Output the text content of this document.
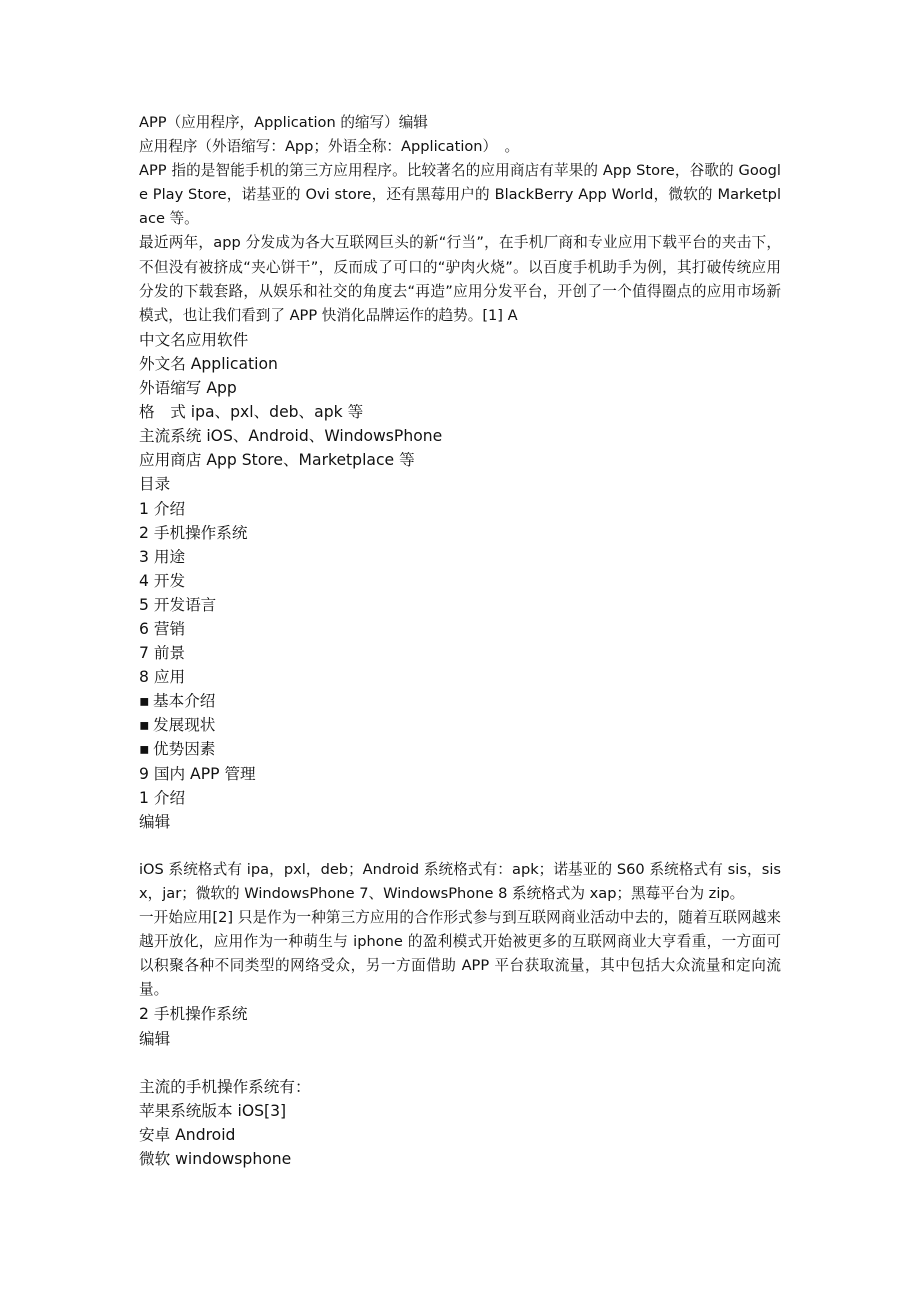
APP（应用程序，Application 的缩写）编辑

应用程序（外语缩写：App；外语全称：Application）　。

APP 指的是智能手机的第三方应用程序。比较著名的应用商店有苹果的 App Store，谷歌的 Google Play Store，诺基亚的 Ovi store，还有黑莓用户的 BlackBerry App World，微软的 Marketplace 等。

最近两年，app 分发成为各大互联网巨头的新“行当”，在手机厂商和专业应用下载平台的夹击下，不但没有被挤成“夹心饼干”，反而成了可口的“驴肉火烧”。以百度手机助手为例，其打破传统应用分发的下载套路，从娱乐和社交的角度去“再造”应用分发平台，开创了一个值得圈点的应用市场新模式，也让我们看到了 APP 快消化品牌运作的趋势。[1] A

中文名应用软件
外文名 Application
外语缩写 App
格　式 ipa、pxl、deb、apk 等
主流系统 iOS、Android、WindowsPhone
应用商店 App Store、Marketplace 等
目录
1 介绍
2 手机操作系统
3 用途
4 开发
5 开发语言
6 营销
7 前景
8 应用
▪ 基本介绍
▪ 发展现状
▪ 优势因素
9 国内 APP 管理
1 介绍
编辑

iOS 系统格式有 ipa，pxl，deb；Android 系统格式有：apk；诺基亚的 S60 系统格式有 sis，sisx，jar；微软的 WindowsPhone 7、WindowsPhone 8 系统格式为 xap；黑莓平台为 zip。

一开始应用[2] 只是作为一种第三方应用的合作形式参与到互联网商业活动中去的，随着互联网越来越开放化，应用作为一种萌生与 iphone 的盈利模式开始被更多的互联网商业大亨看重，一方面可以积聚各种不同类型的网络受众，另一方面借助 APP 平台获取流量，其中包括大众流量和定向流量。

2 手机操作系统
编辑
主流的手机操作系统有：
苹果系统版本 iOS[3]
安卓 Android
微软 windowsphone
